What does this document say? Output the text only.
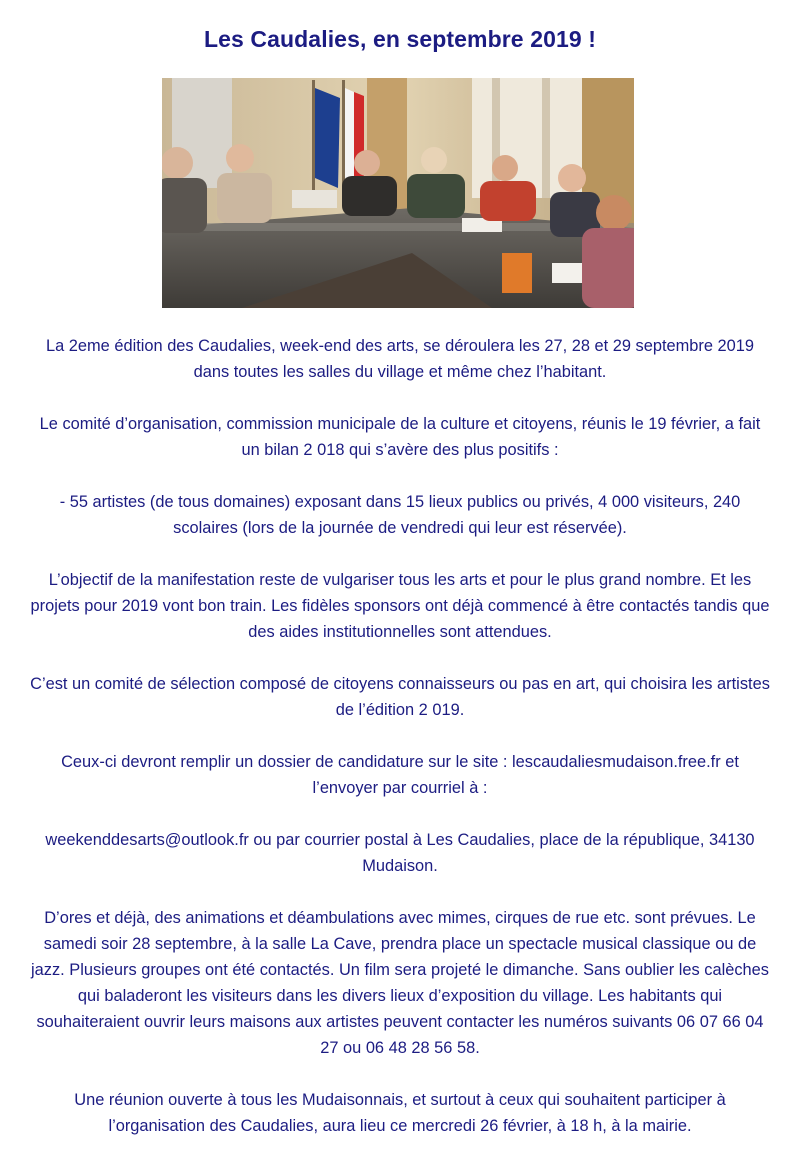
Les Caudalies, en septembre 2019 !

La 2eme édition des Caudalies, week-end des arts, se déroulera les 27, 28 et 29 septembre 2019 dans toutes les salles du village et même chez l’habitant.

Le comité d’organisation, commission municipale de la culture et citoyens, réunis le 19 février, a fait un bilan 2 018 qui s’avère des plus positifs :

- 55 artistes (de tous domaines) exposant dans 15 lieux publics ou privés, 4 000 visiteurs, 240 scolaires (lors de la journée de vendredi qui leur est réservée).

L’objectif de la manifestation reste de vulgariser tous les arts et pour le plus grand nombre. Et les projets pour 2019 vont bon train. Les fidèles sponsors ont déjà commencé à être contactés tandis que des aides institutionnelles sont attendues.

C’est un comité de sélection composé de citoyens connaisseurs ou pas en art, qui choisira les artistes de l’édition 2 019.

Ceux-ci devront remplir un dossier de candidature sur le site : lescaudaliesmudaison.free.fr et l’envoyer par courriel à :

weekenddesarts@outlook.fr ou par courrier postal à Les Caudalies, place de la république, 34130 Mudaison.

D’ores et déjà, des animations et déambulations avec mimes, cirques de rue etc. sont prévues. Le samedi soir 28 septembre, à la salle La Cave, prendra place un spectacle musical classique ou de jazz. Plusieurs groupes ont été contactés. Un film sera projeté le dimanche. Sans oublier les calèches qui baladeront les visiteurs dans les divers lieux d’exposition du village. Les habitants qui souhaiteraient ouvrir leurs maisons aux artistes peuvent contacter les numéros suivants 06 07 66 04 27 ou 06 48 28 56 58.

Une réunion ouverte à tous les Mudaisonnais, et surtout à ceux qui souhaitent participer à l’organisation des Caudalies, aura lieu ce mercredi 26 février, à 18 h, à la mairie.
